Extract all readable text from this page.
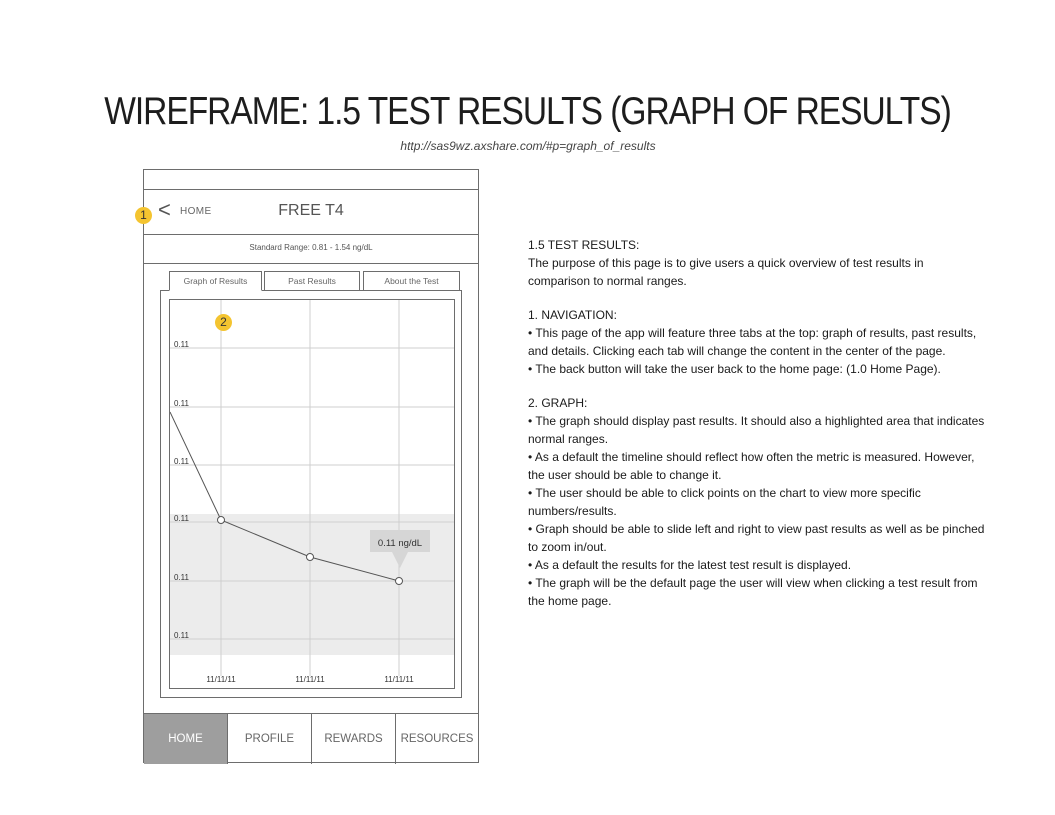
WIREFRAME: 1.5 TEST RESULTS (GRAPH OF RESULTS)
http://sas9wz.axshare.com/#p=graph_of_results
< HOME	FREE T4
Standard Range: 0.81 - 1.54 ng/dL
Graph of Results	Past Results	About the Test
0.11
0.11
0.11
0.11
0.11
0.11
11/11/11	11/11/11	11/11/11
0.11 ng/dL
HOME	PROFILE	REWARDS	RESOURCES
1
2

1.5 TEST RESULTS:

The purpose of this page is to give users a quick overview of test results in comparison to normal ranges.

1. NAVIGATION:

• This page of the app will feature three tabs at the top: graph of results, past results, and details. Clicking each tab will change the content in the center of the page.

• The back button will take the user back to the home page: (1.0 Home Page).

2. GRAPH:

• The graph should display past results. It should also a highlighted area that indicates normal ranges.

• As a default the timeline should reflect how often the metric is measured. However, the user should be able to change it.

• The user should be able to click points on the chart to view more specific numbers/results.

• Graph should be able to slide left and right to view past results as well as be pinched to zoom in/out.

• As a default the results for the latest test result is displayed.

• The graph will be the default page the user will view when clicking a test result from the home page.
